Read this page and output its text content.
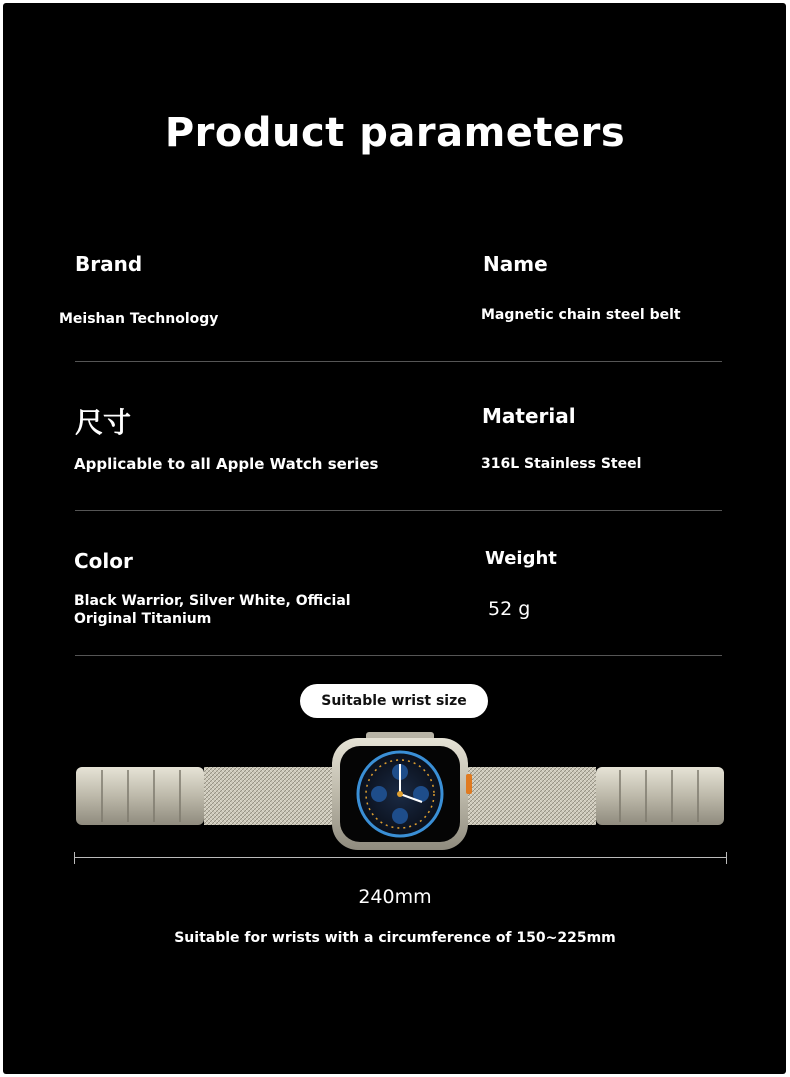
Product parameters
Brand
Meishan Technology
Name
Magnetic chain steel belt
尺寸
Applicable to all Apple Watch series
Material
316L Stainless Steel
Color
Black Warrior, Silver White, Official
Original Titanium
Weight
52 g
Suitable wrist size
240mm
Suitable for wrists with a circumference of 150~225mm
